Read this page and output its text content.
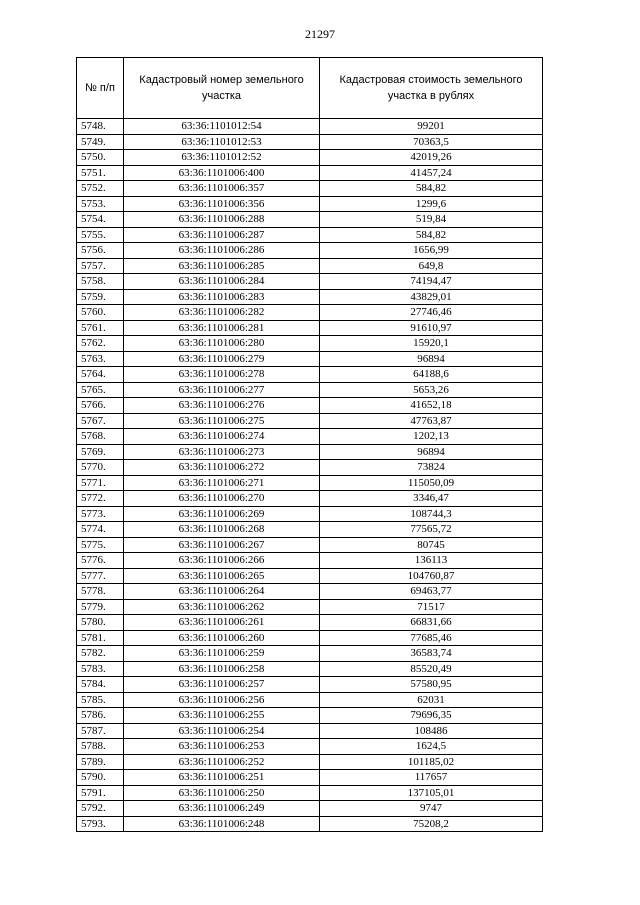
21297
№ п/п	Кадастровый номер земельного участка	Кадастровая стоимость земельного участка в рублях
5748.	63:36:1101012:54	99201
5749.	63:36:1101012:53	70363,5
5750.	63:36:1101012:52	42019,26
5751.	63:36:1101006:400	41457,24
5752.	63:36:1101006:357	584,82
5753.	63:36:1101006:356	1299,6
5754.	63:36:1101006:288	519,84
5755.	63:36:1101006:287	584,82
5756.	63:36:1101006:286	1656,99
5757.	63:36:1101006:285	649,8
5758.	63:36:1101006:284	74194,47
5759.	63:36:1101006:283	43829,01
5760.	63:36:1101006:282	27746,46
5761.	63:36:1101006:281	91610,97
5762.	63:36:1101006:280	15920,1
5763.	63:36:1101006:279	96894
5764.	63:36:1101006:278	64188,6
5765.	63:36:1101006:277	5653,26
5766.	63:36:1101006:276	41652,18
5767.	63:36:1101006:275	47763,87
5768.	63:36:1101006:274	1202,13
5769.	63:36:1101006:273	96894
5770.	63:36:1101006:272	73824
5771.	63:36:1101006:271	115050,09
5772.	63:36:1101006:270	3346,47
5773.	63:36:1101006:269	108744,3
5774.	63:36:1101006:268	77565,72
5775.	63:36:1101006:267	80745
5776.	63:36:1101006:266	136113
5777.	63:36:1101006:265	104760,87
5778.	63:36:1101006:264	69463,77
5779.	63:36:1101006:262	71517
5780.	63:36:1101006:261	66831,66
5781.	63:36:1101006:260	77685,46
5782.	63:36:1101006:259	36583,74
5783.	63:36:1101006:258	85520,49
5784.	63:36:1101006:257	57580,95
5785.	63:36:1101006:256	62031
5786.	63:36:1101006:255	79696,35
5787.	63:36:1101006:254	108486
5788.	63:36:1101006:253	1624,5
5789.	63:36:1101006:252	101185,02
5790.	63:36:1101006:251	117657
5791.	63:36:1101006:250	137105,01
5792.	63:36:1101006:249	9747
5793.	63:36:1101006:248	75208,2
